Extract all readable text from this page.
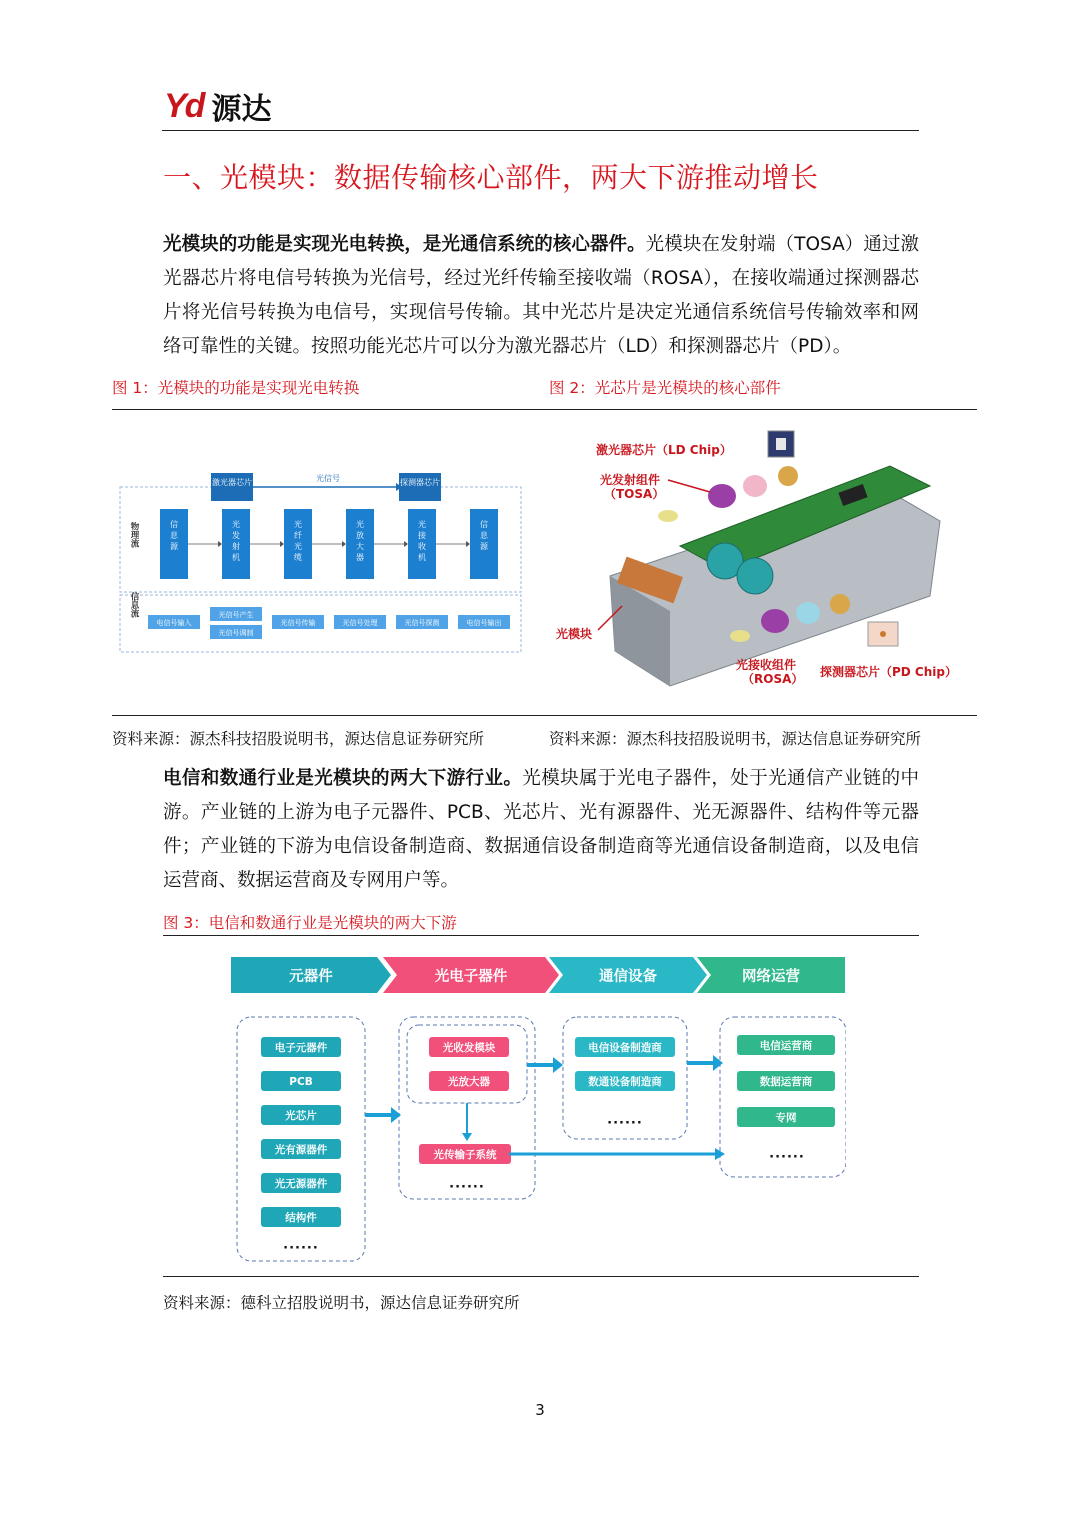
Yd 源达
一、光模块：数据传输核心部件，两大下游推动增长
光模块的功能是实现光电转换，是光通信系统的核心器件。光模块在发射端（TOSA）通过激光器芯片将电信号转换为光信号，经过光纤传输至接收端（ROSA），在接收端通过探测器芯片将光信号转换为电信号，实现信号传输。其中光芯片是决定光通信系统信号传输效率和网络可靠性的关键。按照功能光芯片可以分为激光器芯片（LD）和探测器芯片（PD）。
图 1：光模块的功能是实现光电转换	图 2：光芯片是光模块的核心部件
激光器芯片	探测器芯片
光信号
物理流
信息流
信
息
源
光
发
射
机
光
纤
光
缆
光
放
大
器
光
接
收
机
信
息
源
电信号输入
光信号产生
光信号调制
光信号传输	光信号处理	光信号探测	电信号输出
激光器芯片（LD Chip）
光发射组件
（TOSA）
光模块
光接收组件
（ROSA） 探测器芯片（PD Chip）
资料来源：源杰科技招股说明书，源达信息证券研究所	资料来源：源杰科技招股说明书，源达信息证券研究所
电信和数通行业是光模块的两大下游行业。光模块属于光电子器件，处于光通信产业链的中游。产业链的上游为电子元器件、PCB、光芯片、光有源器件、光无源器件、结构件等元器件；产业链的下游为电信设备制造商、数据通信设备制造商等光通信设备制造商，以及电信运营商、数据运营商及专网用户等。
图 3：电信和数通行业是光模块的两大下游
元器件	光电子器件	通信设备	网络运营
电子元器件
PCB
光芯片
光有源器件
光无源器件
结构件
光收发模块
光放大器
光传输子系统
电信设备制造商
数通设备制造商
电信运营商
数据运营商
专网
······
······
······
······
资料来源：德科立招股说明书，源达信息证券研究所
3
